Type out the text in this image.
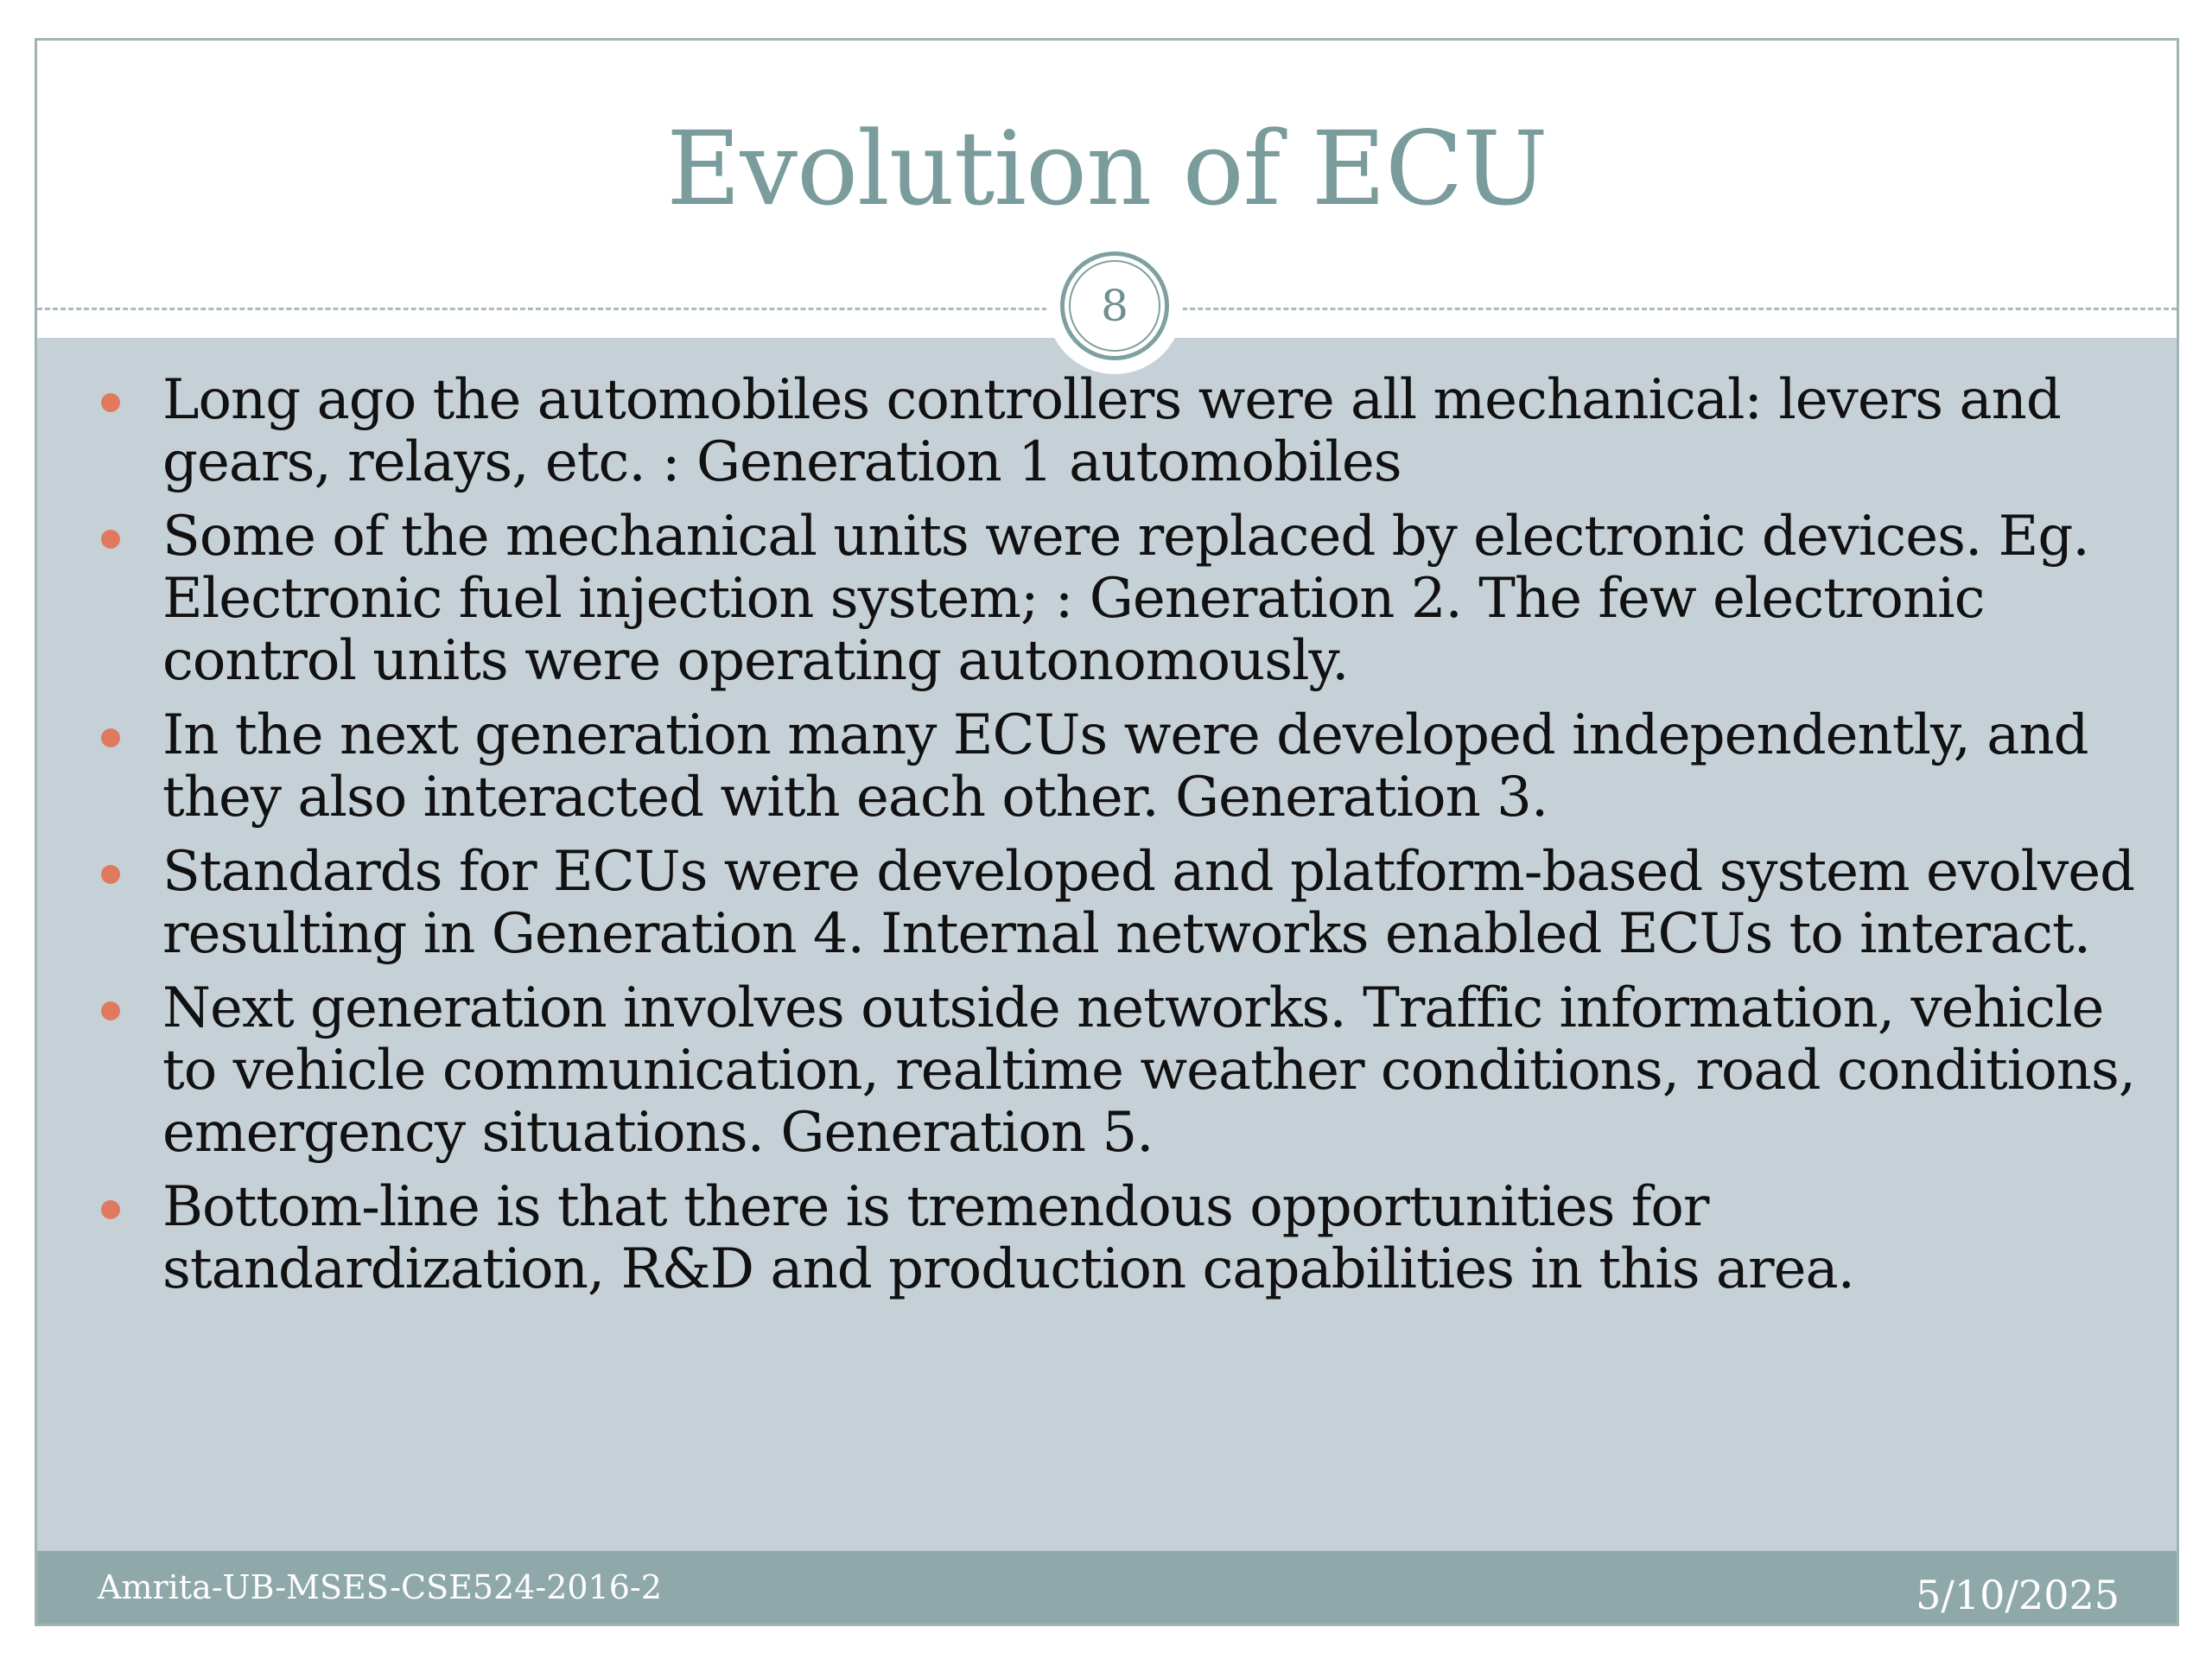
Evolution of ECU
8
Long ago the automobiles controllers were all mechanical: levers and gears, relays, etc. : Generation 1 automobiles
Some of the mechanical units were replaced by electronic devices. Eg. Electronic fuel injection system; : Generation 2. The few electronic control units were operating autonomously.
In the next generation many ECUs were developed independently, and they also interacted with each other. Generation 3.
Standards for ECUs were developed and platform-based system evolved resulting in Generation 4. Internal networks enabled ECUs to interact.
Next generation involves outside networks. Traffic information, vehicle to vehicle communication, realtime weather conditions, road conditions, emergency situations. Generation 5.
Bottom-line is that there is tremendous opportunities for standardization, R&D and production capabilities in this area.
Amrita-UB-MSES-CSE524-2016-2	5/10/2025
